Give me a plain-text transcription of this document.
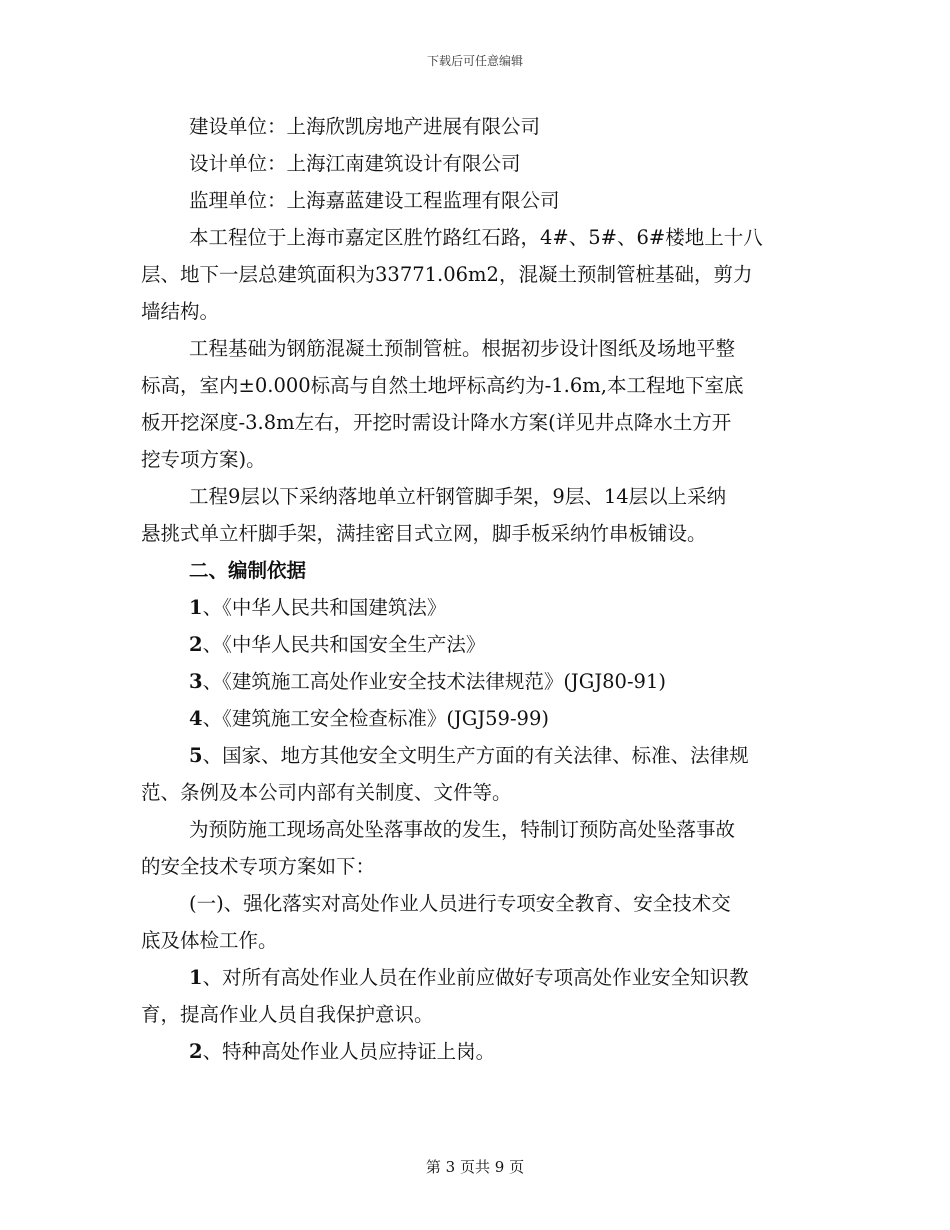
下载后可任意编辑
建设单位：上海欣凯房地产进展有限公司
设计单位：上海江南建筑设计有限公司
监理单位：上海嘉蓝建设工程监理有限公司
本工程位于上海市嘉定区胜竹路红石路，4#、5#、6#楼地上十八
层、地下一层总建筑面积为33771.06m2，混凝土预制管桩基础，剪力
墙结构。
工程基础为钢筋混凝土预制管桩。根据初步设计图纸及场地平整
标高，室内±0.000标高与自然土地坪标高约为-1.6m,本工程地下室底
板开挖深度-3.8m左右，开挖时需设计降水方案(详见井点降水土方开
挖专项方案)。
工程9层以下采纳落地单立杆钢管脚手架，9层、14层以上采纳
悬挑式单立杆脚手架，满挂密目式立网，脚手板采纳竹串板铺设。
二、编制依据
1、《中华人民共和国建筑法》
2、《中华人民共和国安全生产法》
3、《建筑施工高处作业安全技术法律规范》(JGJ80-91)
4、《建筑施工安全检查标准》(JGJ59-99)
5、国家、地方其他安全文明生产方面的有关法律、标准、法律规
范、条例及本公司内部有关制度、文件等。
为预防施工现场高处坠落事故的发生，特制订预防高处坠落事故
的安全技术专项方案如下：
(一)、强化落实对高处作业人员进行专项安全教育、安全技术交
底及体检工作。
1、对所有高处作业人员在作业前应做好专项高处作业安全知识教
育，提高作业人员自我保护意识。
2、特种高处作业人员应持证上岗。
第 3 页共 9 页
